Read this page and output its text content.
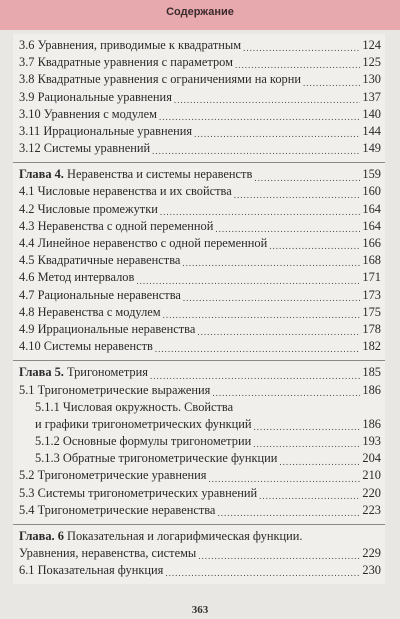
Содержание
3.6 Уравнения, приводимые к квадратным .....	124
3.7 Квадратные уравнения с параметром .....	125
3.8 Квадратные уравнения с ограничениями на корни .....	130
3.9 Рациональные уравнения .....	137
3.10 Уравнения с модулем .....	140
3.11 Иррациональные уравнения .....	144
3.12 Системы уравнений .....	149
Глава 4. Неравенства и системы неравенств .....	159
4.1 Числовые неравенства и их свойства .....	160
4.2 Числовые промежутки .....	164
4.3 Неравенства с одной переменной .....	164
4.4 Линейное неравенство с одной переменной .....	166
4.5 Квадратичные неравенства .....	168
4.6 Метод интервалов .....	171
4.7 Рациональные неравенства .....	173
4.8 Неравенства с модулем .....	175
4.9 Иррациональные неравенства .....	178
4.10 Системы неравенств .....	182
Глава 5. Тригонометрия .....	185
5.1 Тригонометрические выражения .....	186
5.1.1 Числовая окружность. Свойства
и графики тригонометрических функций .....	186
5.1.2 Основные формулы тригонометрии .....	193
5.1.3 Обратные тригонометрические функции .....	204
5.2 Тригонометрические уравнения .....	210
5.3 Системы тригонометрических уравнений .....	220
5.4 Тригонометрические неравенства .....	223
Глава. 6 Показательная и логарифмическая функции.
Уравнения, неравенства, системы .....	229
6.1 Показательная функция .....	230
363
